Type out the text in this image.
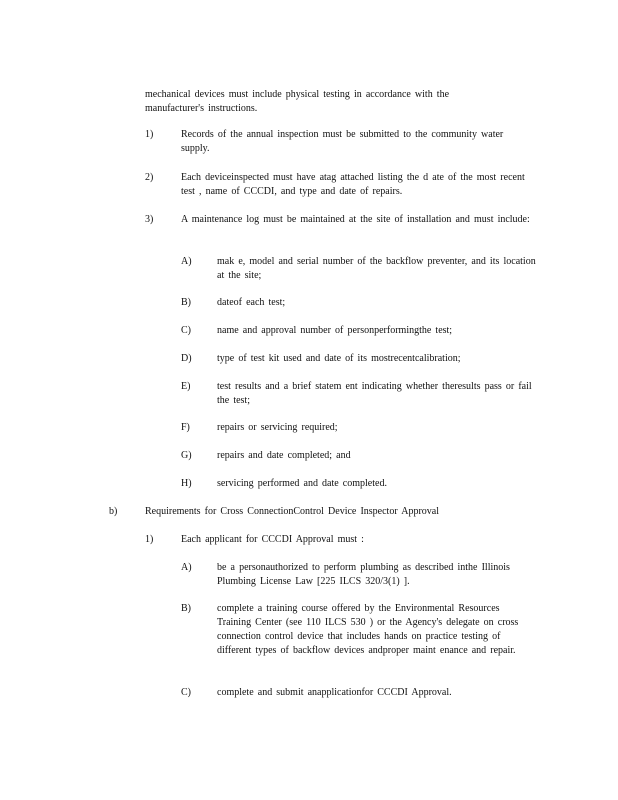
mechanical devices must include physical testing in accordance with the manufacturer's instructions.

1)	Records of the annual inspection must be submitted to the community water supply.

2)	Each deviceinspected must have atag attached listing the d ate of the most recent test , name of CCCDI, and type and date of repairs.

3)	A maintenance log must be maintained at the site of installation and must include:

A)	mak e, model and serial number of the backflow preventer, and its location at the site;

B)	dateof each test;

C)	name and approval number of personperformingthe test;

D)	type of test kit used and date of its mostrecentcalibration;

E)	test results and a brief statem ent indicating whether theresults pass or fail the test;

F)	repairs or servicing required;

G)	repairs and date completed; and

H)	servicing performed and date completed.

b)	Requirements for Cross ConnectionControl Device Inspector Approval

1)	Each applicant for CCCDI Approval must :

A)	be a personauthorized to perform plumbing as described inthe Illinois Plumbing License Law [225 ILCS 320/3(1) ].

B)	complete a training course offered by the Environmental Resources Training Center (see 110 ILCS 530 ) or the Agency's delegate on cross connection control device that includes hands on practice testing of different types of backflow devices andproper maint enance and repair.

C)	complete and submit anapplicationfor CCCDI Approval.
